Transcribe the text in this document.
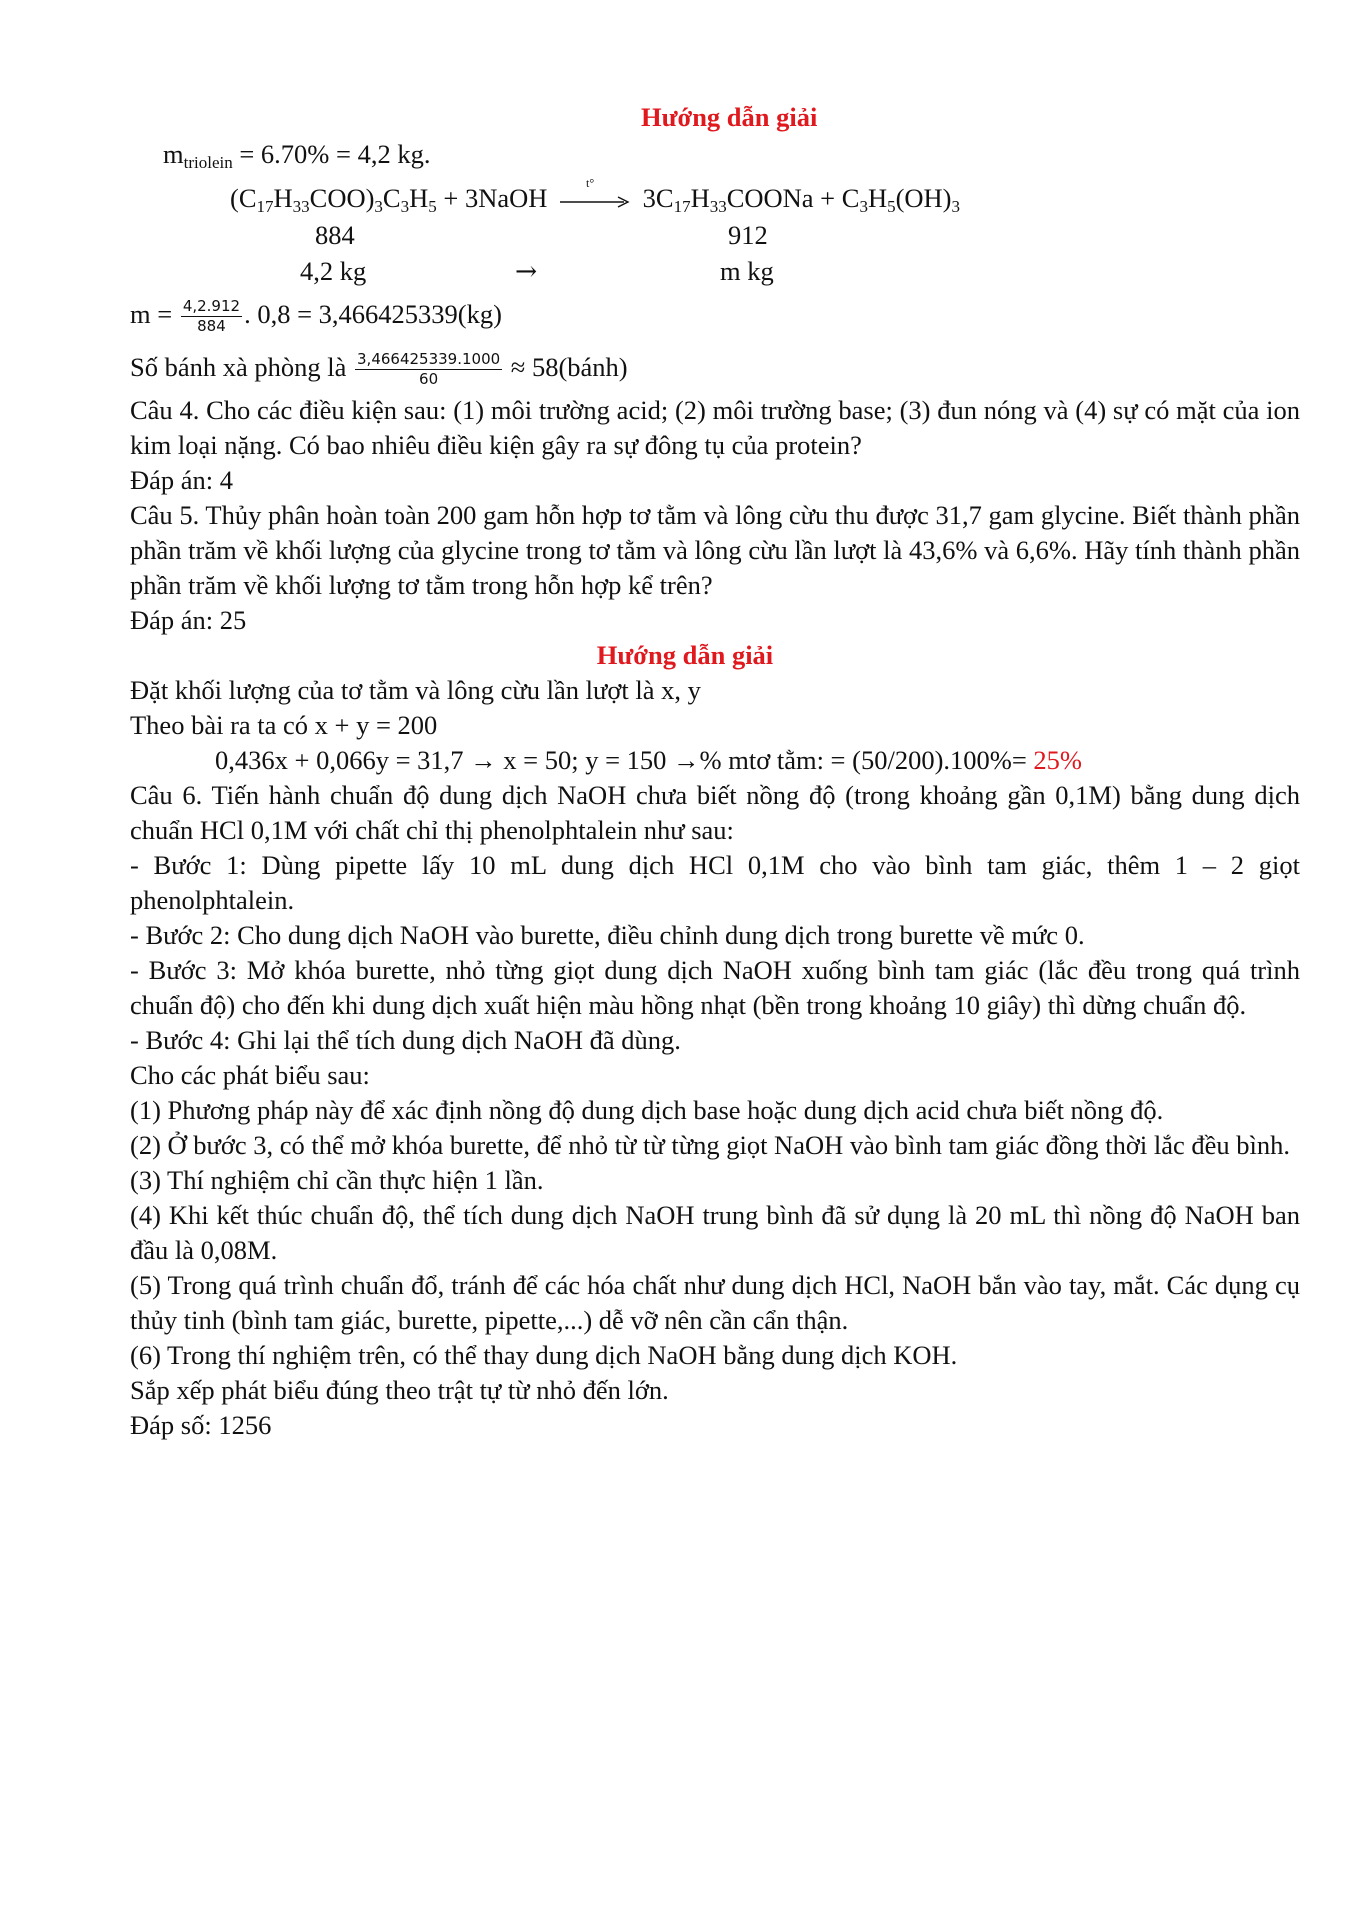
Hướng dẫn giải
$m_{triolein} = 6.70\% = 4,2$ kg.
$(C_{17}H_{33}COO)_3C_3H_5$ + 3NaOH
t°
$3C_{17}H_{33}COONa + C_3H_5(OH)_3$
884	912
4,2 kg	→	m kg
$m = \frac{4,2.912}{884}$ . 0,8 = 3,466425339(kg)
Số bánh xà phòng là $\frac{3,466425339.1000}{60}$ ≈ 58(bánh)

Câu 4. Cho các điều kiện sau: (1) môi trường acid; (2) môi trường base; (3) đun nóng và (4) sự có mặt của ion kim loại nặng. Có bao nhiêu điều kiện gây ra sự đông tụ của protein?

Đáp án: 4

Câu 5. Thủy phân hoàn toàn 200 gam hỗn hợp tơ tằm và lông cừu thu được 31,7 gam glycine. Biết thành phần phần trăm về khối lượng của glycine trong tơ tằm và lông cừu lần lượt là 43,6% và 6,6%. Hãy tính thành phần phần trăm về khối lượng tơ tằm trong hỗn hợp kể trên?

Đáp án: 25

Hướng dẫn giải

Đặt khối lượng của tơ tằm và lông cừu lần lượt là x, y

Theo bài ra ta có x + y = 200

0,436x + 0,066y = 31,7 → x = 50; y = 150 →% mtơ tằm: = (50/200).100%= 25%

Câu 6. Tiến hành chuẩn độ dung dịch NaOH chưa biết nồng độ (trong khoảng gần 0,1M) bằng dung dịch chuẩn HCl 0,1M với chất chỉ thị phenolphtalein như sau:

- Bước 1: Dùng pipette lấy 10 mL dung dịch HCl 0,1M cho vào bình tam giác, thêm 1 – 2 giọt phenolphtalein.

- Bước 2: Cho dung dịch NaOH vào burette, điều chỉnh dung dịch trong burette về mức 0.

- Bước 3: Mở khóa burette, nhỏ từng giọt dung dịch NaOH xuống bình tam giác (lắc đều trong quá trình chuẩn độ) cho đến khi dung dịch xuất hiện màu hồng nhạt (bền trong khoảng 10 giây) thì dừng chuẩn độ.

- Bước 4: Ghi lại thể tích dung dịch NaOH đã dùng.

Cho các phát biểu sau:

(1) Phương pháp này để xác định nồng độ dung dịch base hoặc dung dịch acid chưa biết nồng độ.

(2) Ở bước 3, có thể mở khóa burette, để nhỏ từ từ từng giọt NaOH vào bình tam giác đồng thời lắc đều bình.

(3) Thí nghiệm chỉ cần thực hiện 1 lần.

(4) Khi kết thúc chuẩn độ, thể tích dung dịch NaOH trung bình đã sử dụng là 20 mL thì nồng độ NaOH ban đầu là 0,08M.

(5) Trong quá trình chuẩn đổ, tránh để các hóa chất như dung dịch HCl, NaOH bắn vào tay, mắt. Các dụng cụ thủy tinh (bình tam giác, burette, pipette,...) dễ vỡ nên cần cẩn thận.

(6) Trong thí nghiệm trên, có thể thay dung dịch NaOH bằng dung dịch KOH.

Sắp xếp phát biểu đúng theo trật tự từ nhỏ đến lớn.

Đáp số: 1256
